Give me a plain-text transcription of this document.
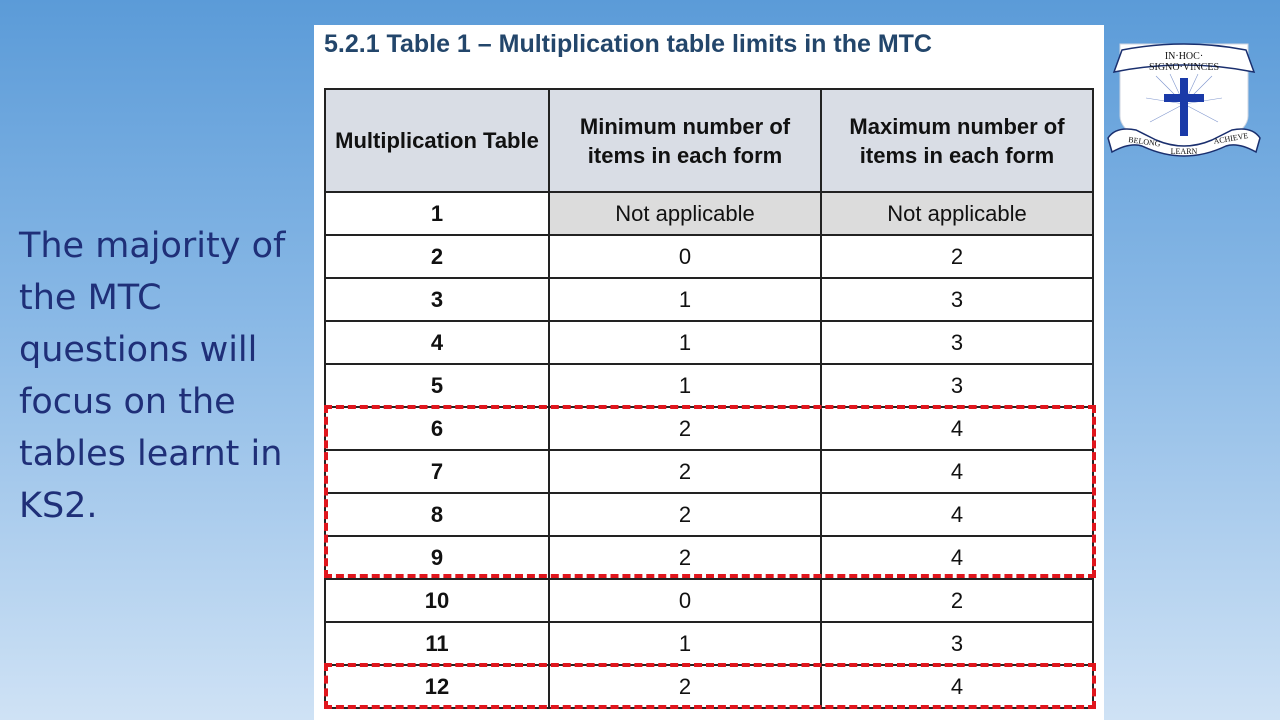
The majority of the MTC questions will focus on the tables learnt in KS2.

5.2.1 Table 1 – Multiplication table limits in the MTC
Multiplication Table	Minimum number of items in each form	Maximum number of items in each form
1	Not applicable	Not applicable
2	0	2
3	1	3
4	1	3
5	1	3
6	2	4
7	2	4
8	2	4
9	2	4
10	0	2
11	1	3
12	2	4
IN·HOC·
SIGNO·VINCES
BELONG
LEARN
ACHIEVE
